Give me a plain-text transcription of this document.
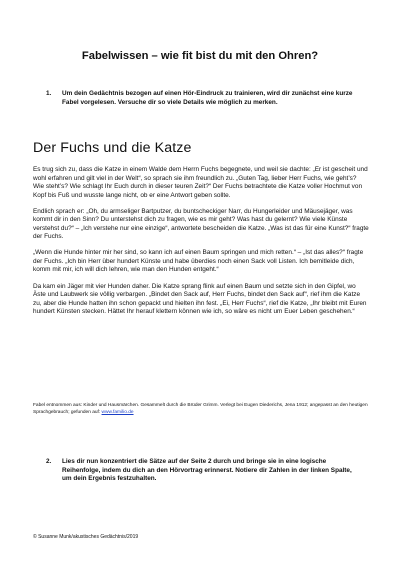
Fabelwissen – wie fit bist du mit den Ohren?
1. Um dein Gedächtnis bezogen auf einen Hör-Eindruck zu trainieren, wird dir zunächst eine kurze Fabel vorgelesen. Versuche dir so viele Details wie möglich zu merken.
Der Fuchs und die Katze

Es trug sich zu, dass die Katze in einem Walde dem Herrn Fuchs begegnete, und weil sie dachte: „Er ist gescheit und wohl erfahren und gilt viel in der Welt“, so sprach sie ihm freundlich zu. „Guten Tag, lieber Herr Fuchs, wie geht’s? Wie steht’s? Wie schlagt Ihr Euch durch in dieser teuren Zeit?“ Der Fuchs betrachtete die Katze voller Hochmut von Kopf bis Fuß und wusste lange nicht, ob er eine Antwort geben sollte.

Endlich sprach er: „Oh, du armseliger Bartputzer, du buntscheckiger Narr, du Hungerleider und Mäusejäger, was kommt dir in den Sinn? Du unterstehst dich zu fragen, wie es mir geht? Was hast du gelernt? Wie viele Künste verstehst du?“ – „Ich verstehe nur eine einzige“, antwortete bescheiden die Katze. „Was ist das für eine Kunst?“ fragte der Fuchs.

„Wenn die Hunde hinter mir her sind, so kann ich auf einen Baum springen und mich retten.“ – „Ist das alles?“ fragte der Fuchs. „Ich bin Herr über hundert Künste und habe überdies noch einen Sack voll Listen. Ich bemitleide dich, komm mit mir, ich will dich lehren, wie man den Hunden entgeht.“

Da kam ein Jäger mit vier Hunden daher. Die Katze sprang flink auf einen Baum und setzte sich in den Gipfel, wo Äste und Laubwerk sie völlig verbargen. „Bindet den Sack auf, Herr Fuchs, bindet den Sack auf“, rief ihm die Katze zu, aber die Hunde hatten ihn schon gepackt und hielten ihn fest. „Ei, Herr Fuchs“, rief die Katze, „Ihr bleibt mit Euren hundert Künsten stecken. Hättet Ihr herauf klettern können wie ich, so wäre es nicht um Euer Leben geschehen.“

Fabel entnommen aus: Kinder und Hausmärchen. Gesammelt durch die Brüder Grimm. Verlegt bei Eugen Diederichs, Jena 1912; angepasst an den heutigen Sprachgebrauch; gefunden auf: www.familio.de

2. Lies dir nun konzentriert die Sätze auf der Seite 2 durch und bringe sie in eine logische Reihenfolge, indem du dich an den Hörvortrag erinnerst. Notiere dir Zahlen in der linken Spalte, um dein Ergebnis festzuhalten.

© Susanne Munk/akustisches Gedächtnis/2019
